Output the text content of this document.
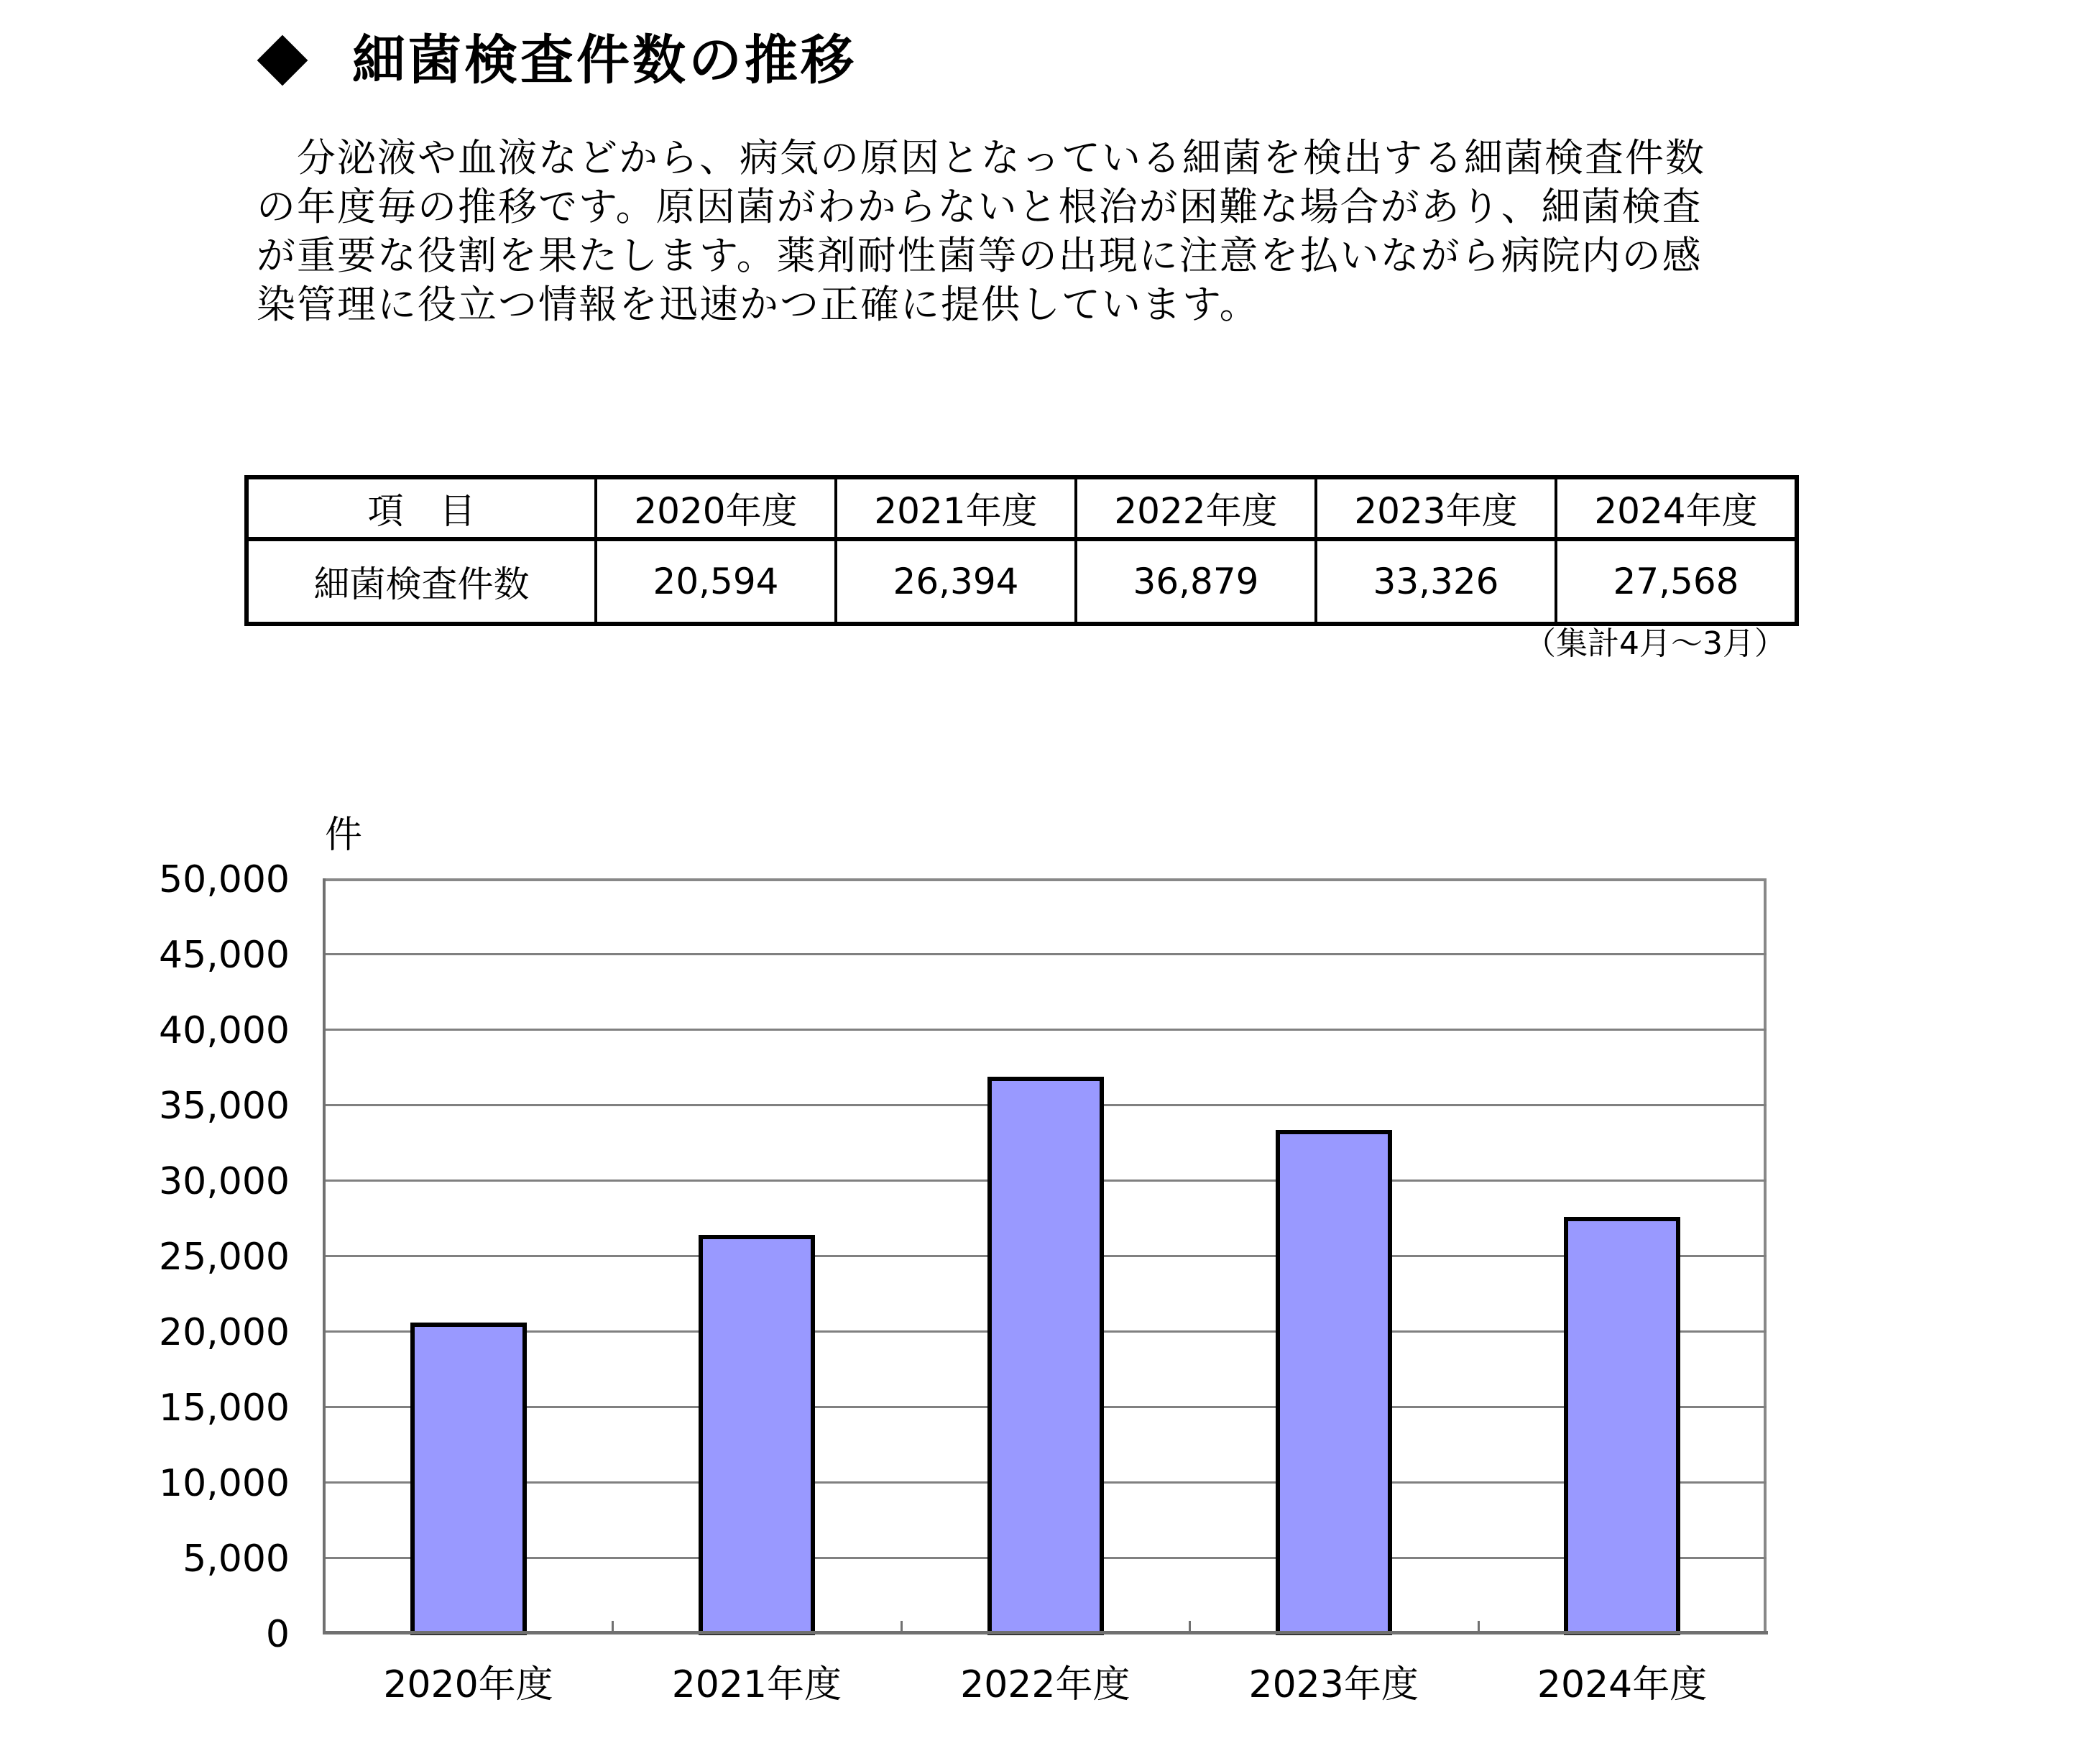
細菌検査件数の推移
　分泌液や血液などから、病気の原因となっている細菌を検出する細菌検査件数
の年度毎の推移です。原因菌がわからないと根治が困難な場合があり、細菌検査
が重要な役割を果たします。薬剤耐性菌等の出現に注意を払いながら病院内の感
染管理に役立つ情報を迅速かつ正確に提供しています。
項　目	2020年度	2021年度	2022年度	2023年度	2024年度
細菌検査件数	20,594	26,394	36,879	33,326	27,568
（集計4月～3月）
件
0
5,000
10,000
15,000
20,000
25,000
30,000
35,000
40,000
45,000
50,000
2020年度	2021年度	2022年度	2023年度	2024年度
